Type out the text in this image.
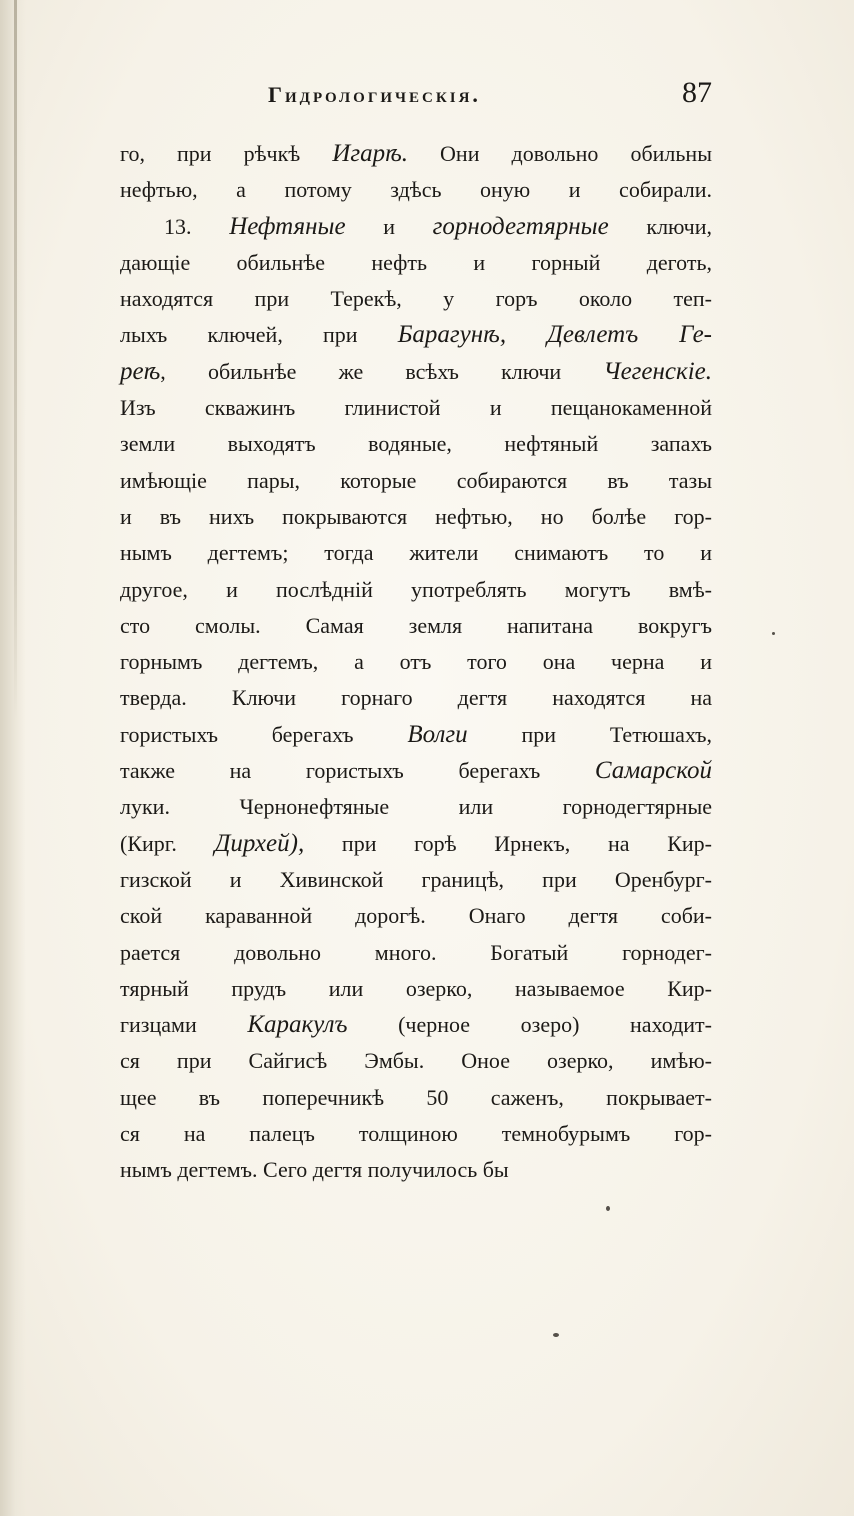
Гидрологическія.	87
го, при рѣчкѣ Игарѣ. Они довольно обильны
нефтью, а потому здѣсь оную и собирали.
13. Нефтяные и горнодегтярные ключи,
дающіе обильнѣе нефть и горный деготь,
находятся при Терекѣ, у горъ около теп-
лыхъ ключей, при Барагунѣ, Девлетъ Ге-
реѣ, обильнѣе же всѣхъ ключи Чегенскіе.
Изъ скважинъ глинистой и пещанокаменной
земли выходятъ водяные, нефтяный запахъ
имѣющіе пары, которые собираются въ тазы
и въ нихъ покрываются нефтью, но болѣе гор-
нымъ дегтемъ; тогда жители снимаютъ то и
другое, и послѣдній употреблять могутъ вмѣ-
сто смолы. Самая земля напитана вокругъ
горнымъ дегтемъ, а отъ того она черна и
тверда. Ключи горнаго дегтя находятся на
гористыхъ берегахъ Волги при Тетюшахъ,
также на гористыхъ берегахъ Самарской
луки. Чернонефтяные или горнодегтярные
(Кирг. Дирхей), при горѣ Ирнекъ, на Кир-
гизской и Хивинской границѣ, при Оренбург-
ской караванной дорогѣ. Онаго дегтя соби-
рается довольно много. Богатый горнодег-
тярный прудъ или озерко, называемое Кир-
гизцами Каракулъ (черное озеро) находит-
ся при Сайгисѣ Эмбы. Оное озерко, имѣю-
щее въ поперечникѣ 50 саженъ, покрывает-
ся на палецъ толщиною темнобурымъ гор-
нымъ дегтемъ. Сего дегтя получилось бы
